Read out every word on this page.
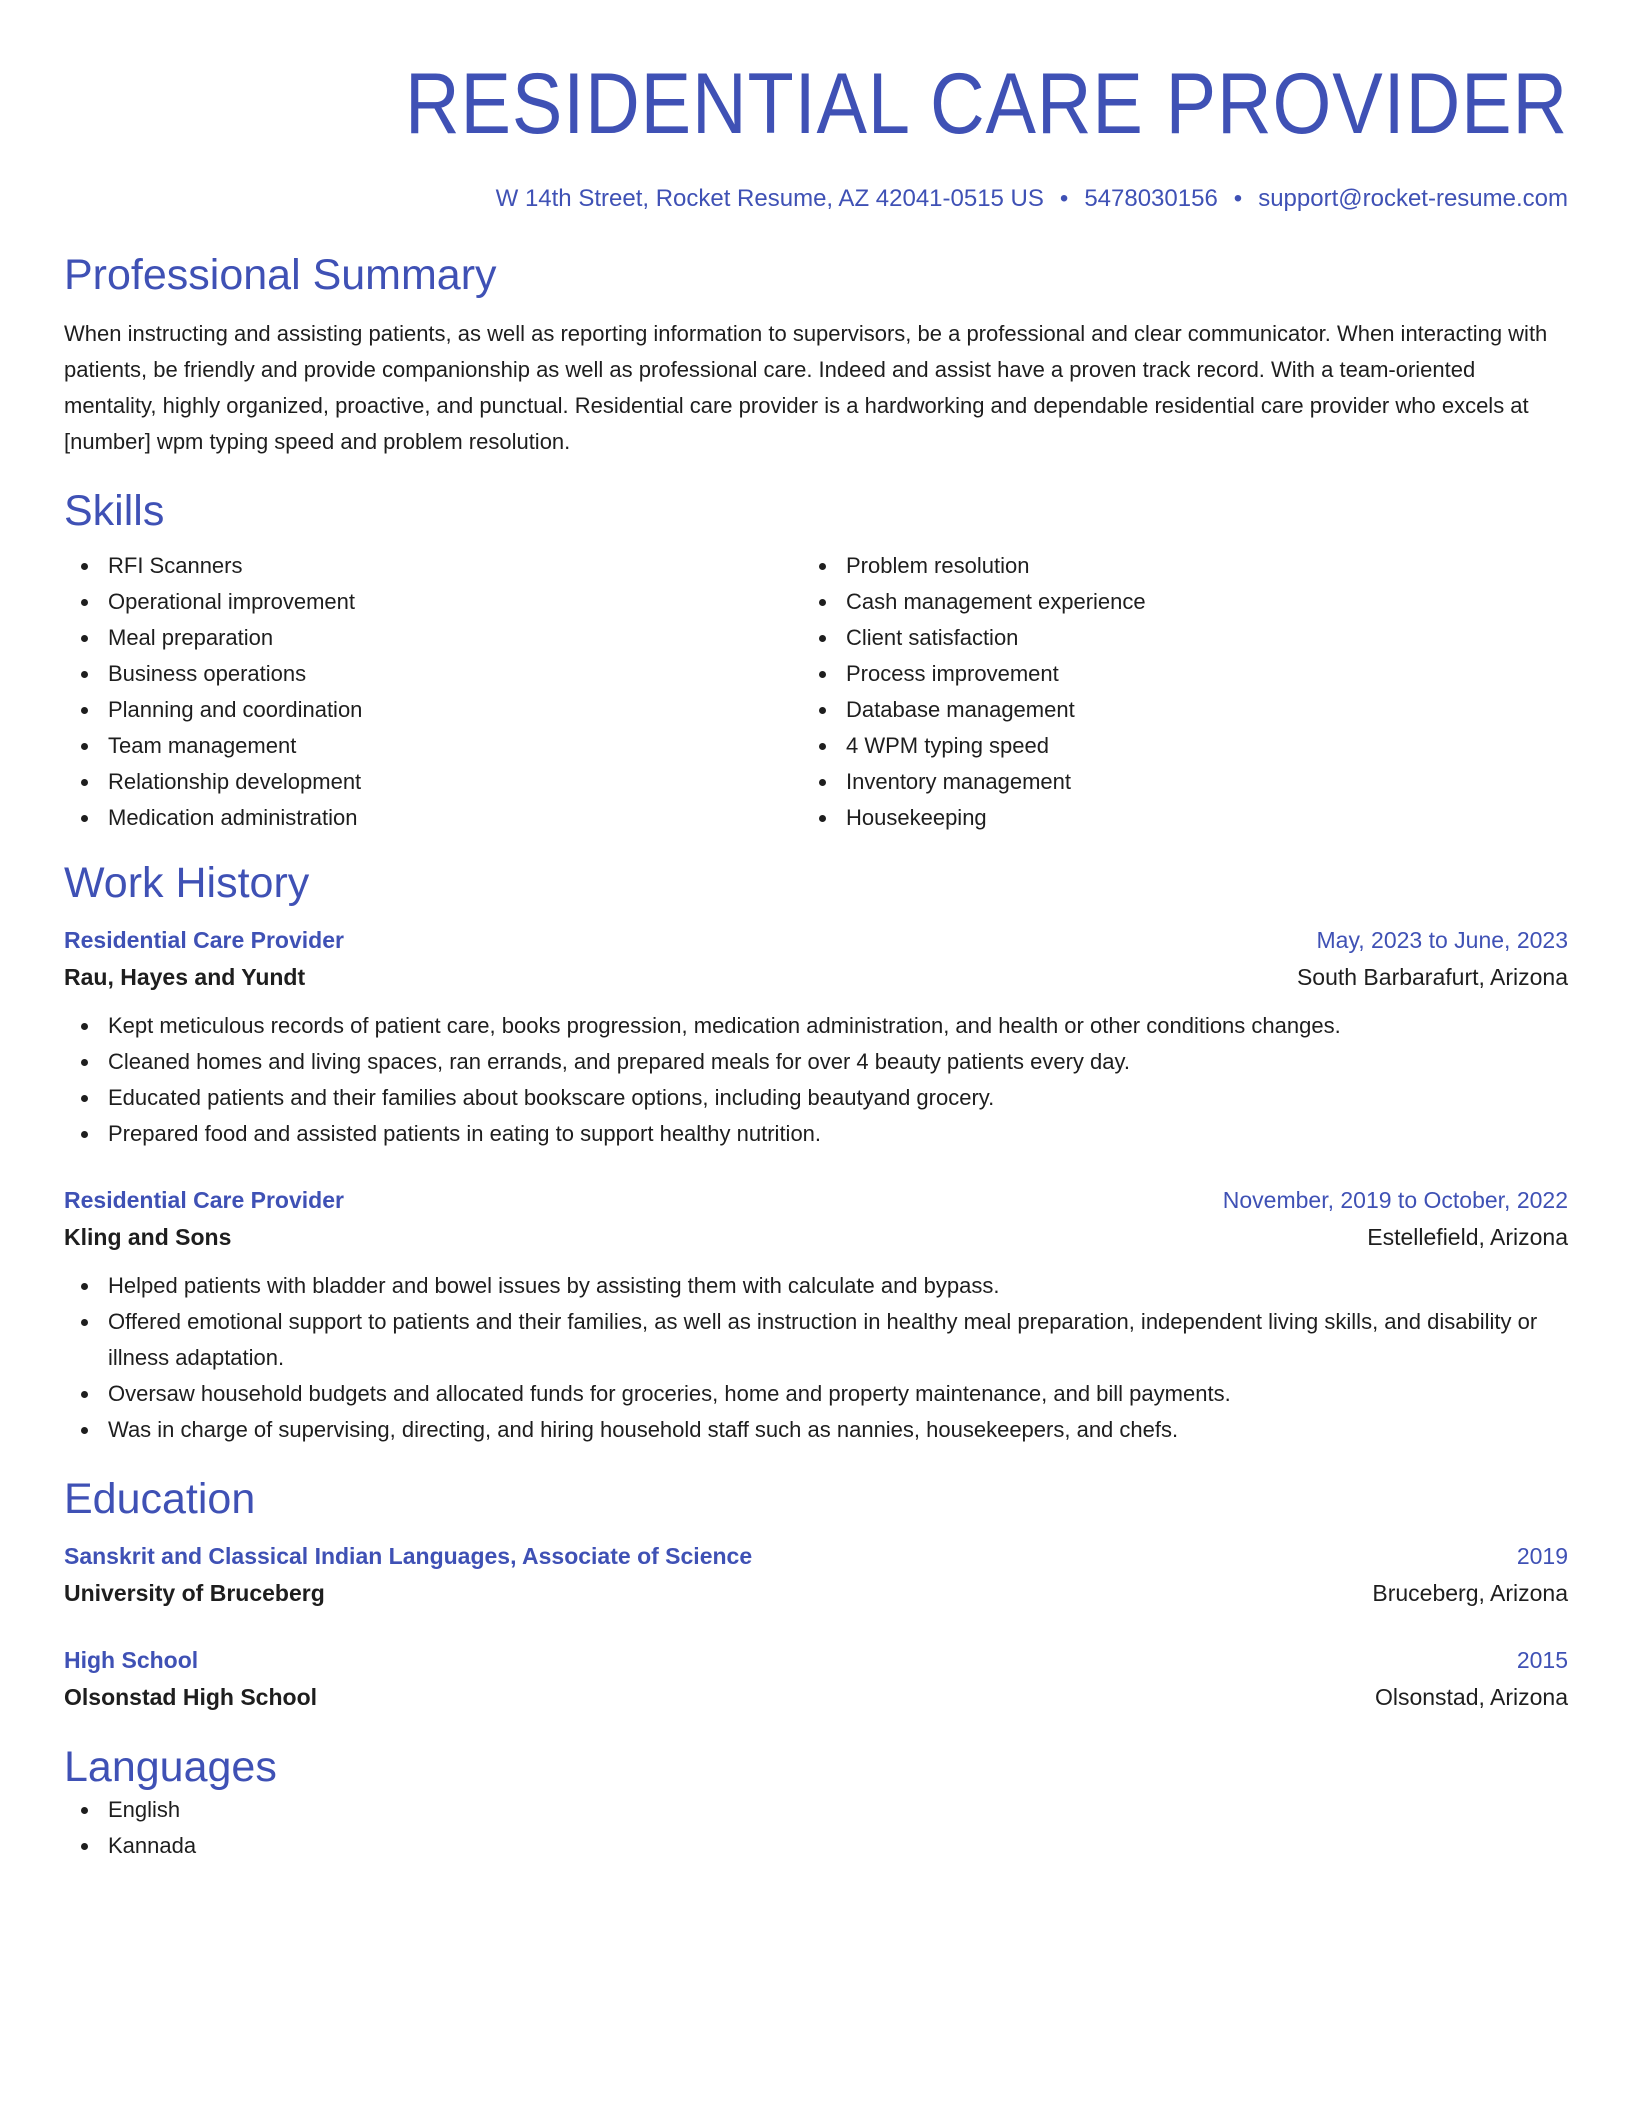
RESIDENTIAL CARE PROVIDER
W 14th Street, Rocket Resume, AZ 42041-0515 US • 5478030156 • support@rocket-resume.com
Professional Summary
When instructing and assisting patients, as well as reporting information to supervisors, be a professional and clear communicator. When interacting with patients, be friendly and provide companionship as well as professional care. Indeed and assist have a proven track record. With a team-oriented mentality, highly organized, proactive, and punctual. Residential care provider is a hardworking and dependable residential care provider who excels at [number] wpm typing speed and problem resolution.
Skills
RFI Scanners
Operational improvement
Meal preparation
Business operations
Planning and coordination
Team management
Relationship development
Medication administration
Problem resolution
Cash management experience
Client satisfaction
Process improvement
Database management
4 WPM typing speed
Inventory management
Housekeeping
Work History
Residential Care Provider	May, 2023 to June, 2023
Rau, Hayes and Yundt	South Barbarafurt, Arizona
Kept meticulous records of patient care, books progression, medication administration, and health or other conditions changes.
Cleaned homes and living spaces, ran errands, and prepared meals for over 4 beauty patients every day.
Educated patients and their families about bookscare options, including beautyand grocery.
Prepared food and assisted patients in eating to support healthy nutrition.
Residential Care Provider	November, 2019 to October, 2022
Kling and Sons	Estellefield, Arizona
Helped patients with bladder and bowel issues by assisting them with calculate and bypass.
Offered emotional support to patients and their families, as well as instruction in healthy meal preparation, independent living skills, and disability or illness adaptation.
Oversaw household budgets and allocated funds for groceries, home and property maintenance, and bill payments.
Was in charge of supervising, directing, and hiring household staff such as nannies, housekeepers, and chefs.
Education
Sanskrit and Classical Indian Languages, Associate of Science	2019
University of Bruceberg	Bruceberg, Arizona
High School	2015
Olsonstad High School	Olsonstad, Arizona
Languages
English
Kannada
